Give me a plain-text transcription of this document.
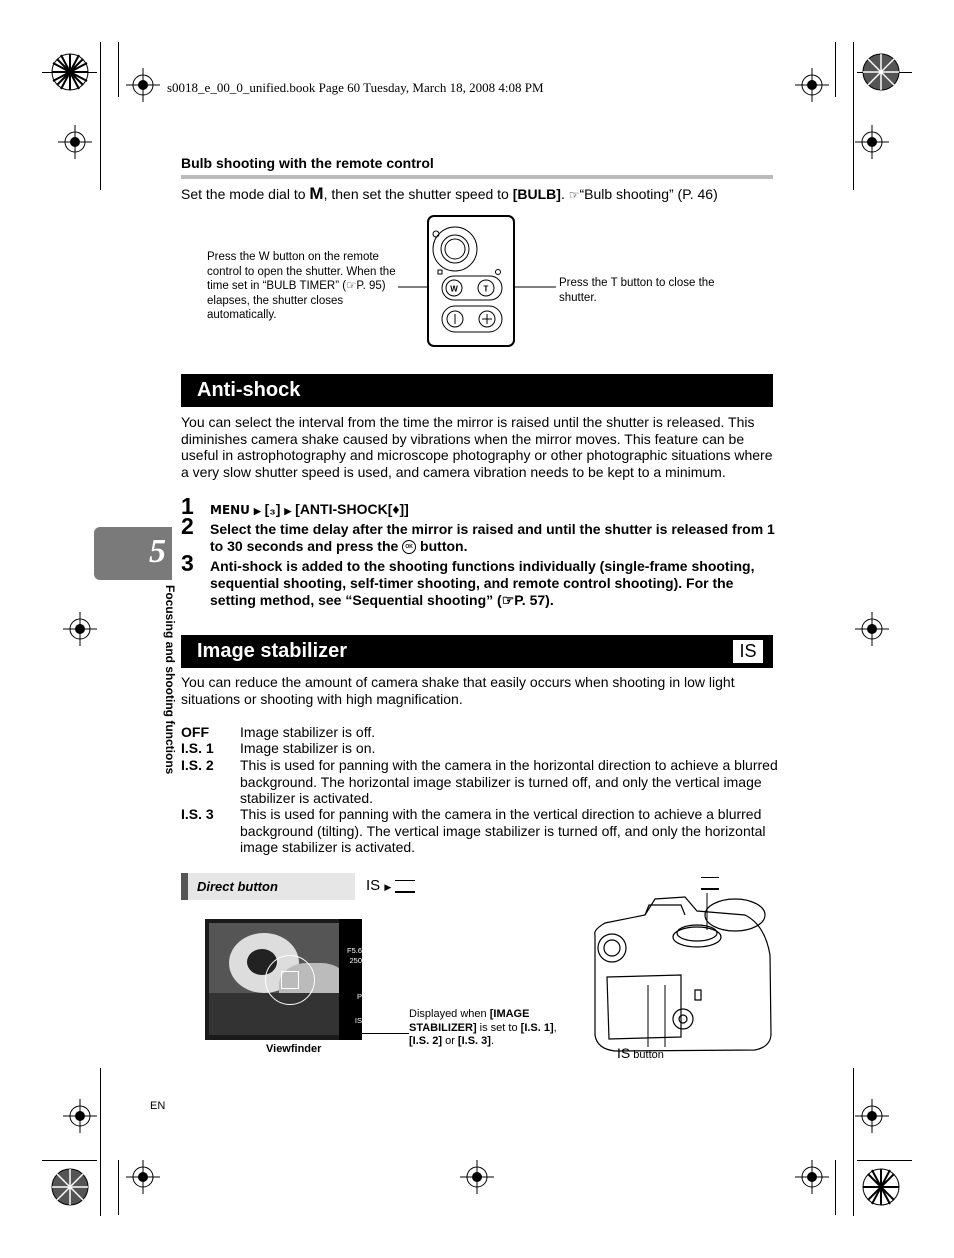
s0018_e_00_0_unified.book Page 60 Tuesday, March 18, 2008 4:08 PM
Bulb shooting with the remote control
Set the mode dial to M, then set the shutter speed to [BULB]. ☞“Bulb shooting” (P. 46)
Press the W button on the remote control to open the shutter. When the time set in “BULB TIMER” (☞P. 95) elapses, the shutter closes automatically.
Press the T button to close the shutter.
W	T
Anti-shock

You can select the interval from the time the mirror is raised until the shutter is released. This diminishes camera shake caused by vibrations when the mirror moves. This feature can be useful in astrophotography and microscope photography or other photographic situations where a very slow shutter speed is used, and camera vibration needs to be kept to a minimum.

1 MENU ▶ [₃] ▶ [ANTI-SHOCK[♦]]
2 Select the time delay after the mirror is raised and until the shutter is released from 1 to 30 seconds and press the OK button.
3 Anti-shock is added to the shooting functions individually (single-frame shooting, sequential shooting, self-timer shooting, and remote control shooting). For the setting method, see “Sequential shooting” (☞P. 57).
5
Focusing and shooting functions	Image stabilizer	IS

You can reduce the amount of camera shake that easily occurs when shooting in low light situations or shooting with high magnification.

OFF Image stabilizer is off.
I.S. 1 Image stabilizer is on.
I.S. 2 This is used for panning with the camera in the horizontal direction to achieve a blurred background. The horizontal image stabilizer is turned off, and only the vertical image stabilizer is activated.
I.S. 3 This is used for panning with the camera in the vertical direction to achieve a blurred background (tilting). The vertical image stabilizer is turned off, and only the horizontal image stabilizer is activated.
Direct button	IS ▶
F5.6
250
P
IS
Viewfinder
Displayed when [IMAGE STABILIZER] is set to [I.S. 1], [I.S. 2] or [I.S. 3].
IS button
EN
